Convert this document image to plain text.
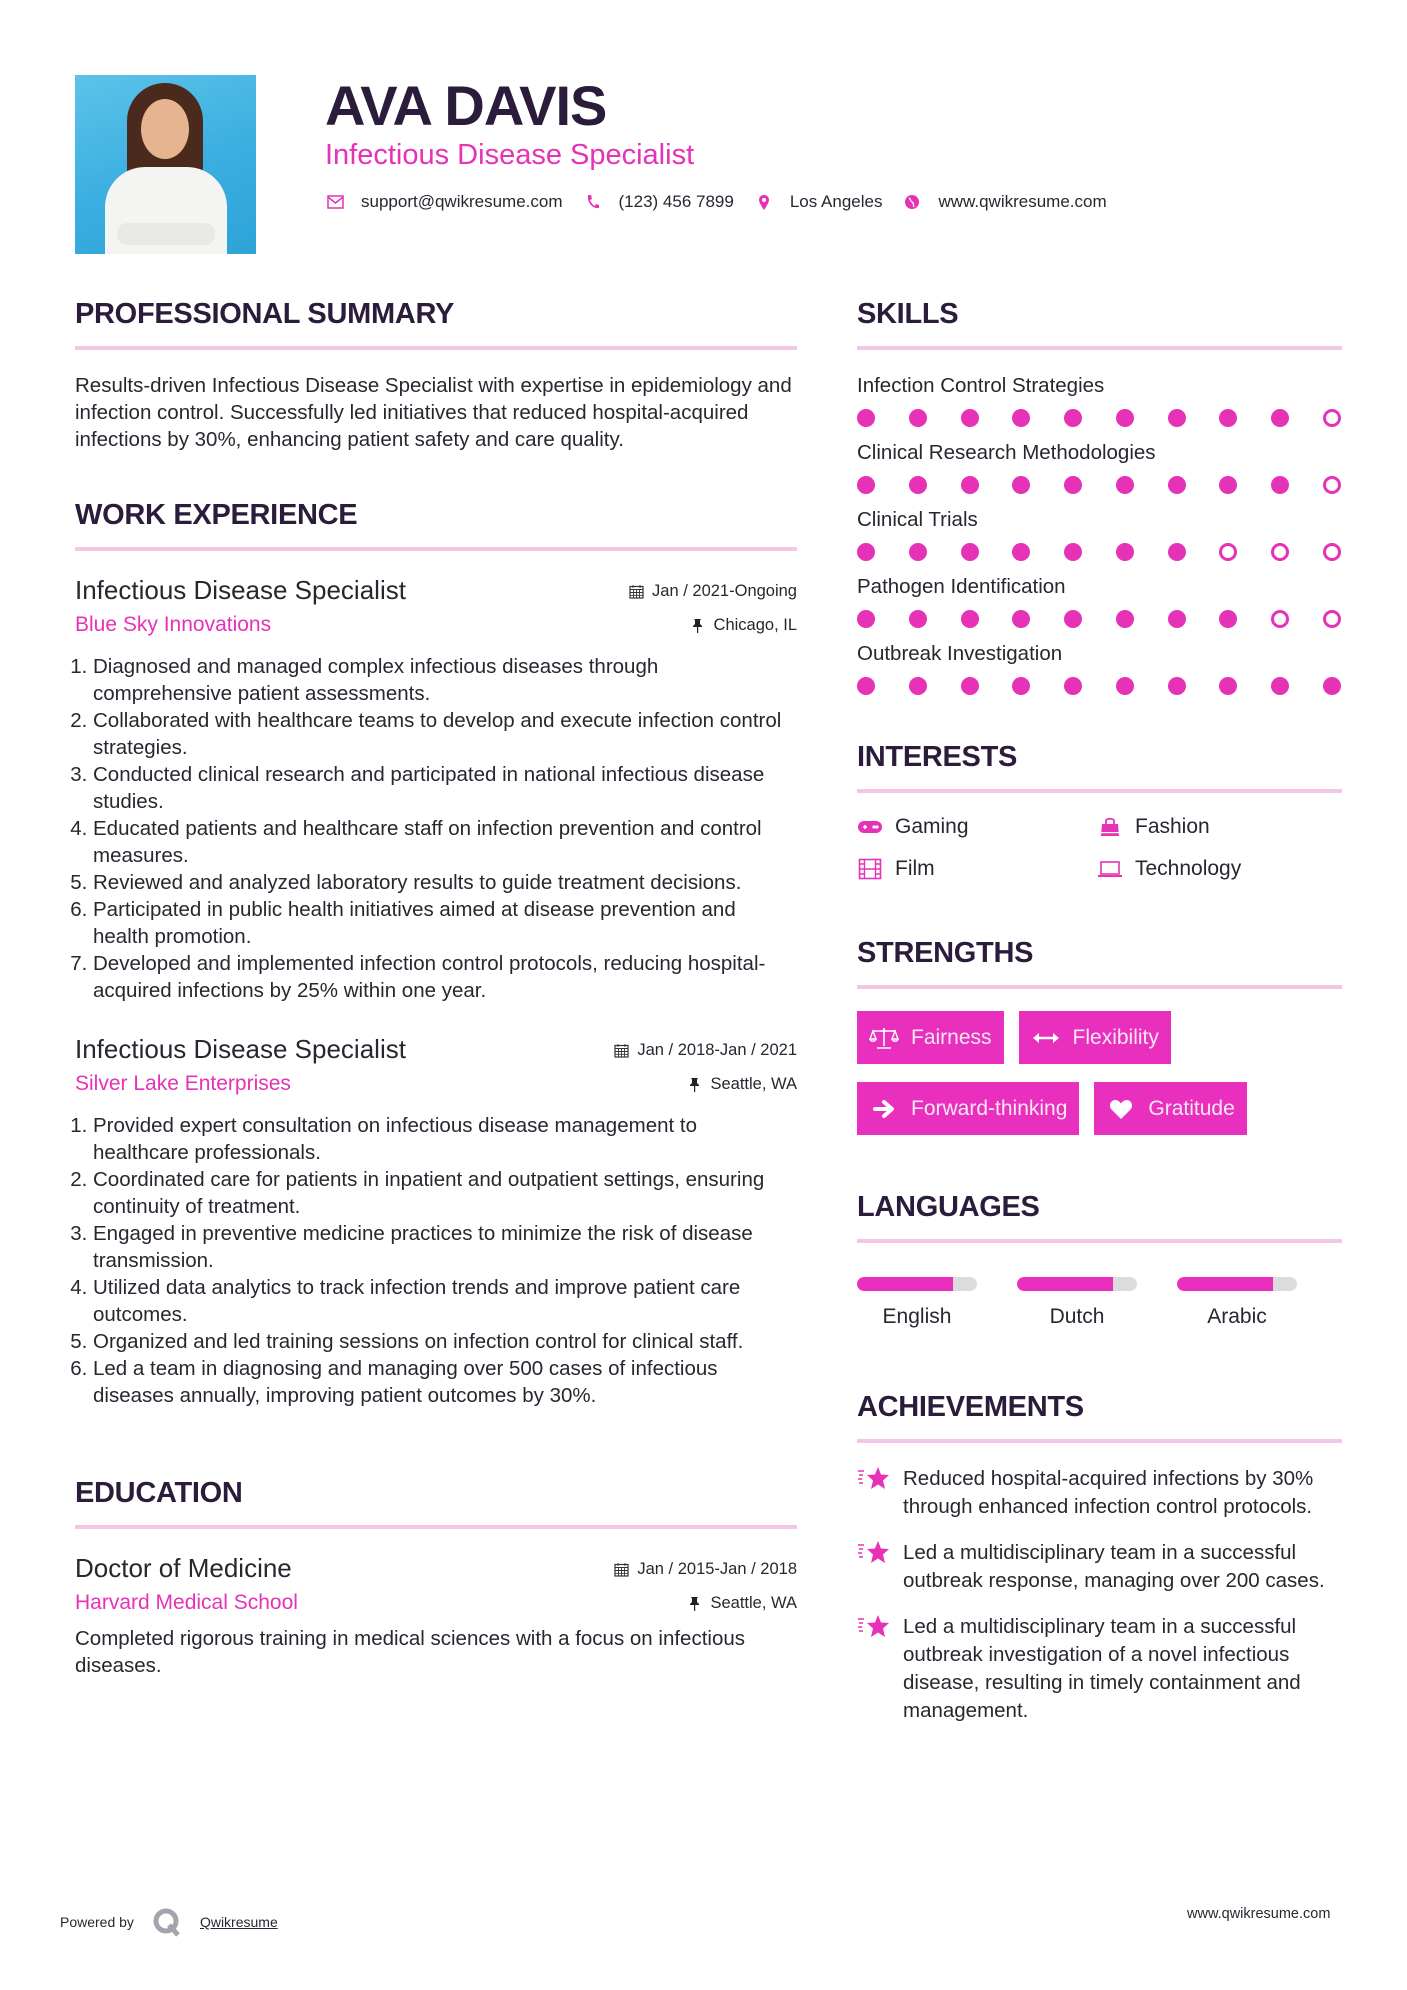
AVA DAVIS
Infectious Disease Specialist
support@qwikresume.com	(123) 456 7899	Los Angeles	www.qwikresume.com
PROFESSIONAL SUMMARY

Results-driven Infectious Disease Specialist with expertise in epidemiology and infection control. Successfully led initiatives that reduced hospital-acquired infections by 30%, enhancing patient safety and care quality.

WORK EXPERIENCE
Infectious Disease Specialist	Jan / 2021-Ongoing
Blue Sky Innovations	Chicago, IL
1. Diagnosed and managed complex infectious diseases through comprehensive patient assessments.
2. Collaborated with healthcare teams to develop and execute infection control strategies.
3. Conducted clinical research and participated in national infectious disease studies.
4. Educated patients and healthcare staff on infection prevention and control measures.
5. Reviewed and analyzed laboratory results to guide treatment decisions.
6. Participated in public health initiatives aimed at disease prevention and health promotion.
7. Developed and implemented infection control protocols, reducing hospital-acquired infections by 25% within one year.
Infectious Disease Specialist	Jan / 2018-Jan / 2021
Silver Lake Enterprises	Seattle, WA
1. Provided expert consultation on infectious disease management to healthcare professionals.
2. Coordinated care for patients in inpatient and outpatient settings, ensuring continuity of treatment.
3. Engaged in preventive medicine practices to minimize the risk of disease transmission.
4. Utilized data analytics to track infection trends and improve patient care outcomes.
5. Organized and led training sessions on infection control for clinical staff.
6. Led a team in diagnosing and managing over 500 cases of infectious diseases annually, improving patient outcomes by 30%.
EDUCATION
Doctor of Medicine	Jan / 2015-Jan / 2018
Harvard Medical School	Seattle, WA

Completed rigorous training in medical sciences with a focus on infectious diseases.

SKILLS
Infection Control Strategies
Clinical Research Methodologies
Clinical Trials
Pathogen Identification
Outbreak Investigation
INTERESTS
Gaming	Fashion
Film	Technology
STRENGTHS
Fairness	Flexibility
Forward-thinking	Gratitude
LANGUAGES
English	Dutch	Arabic
ACHIEVEMENTS
Reduced hospital-acquired infections by 30% through enhanced infection control protocols.
Led a multidisciplinary team in a successful outbreak response, managing over 200 cases.
Led a multidisciplinary team in a successful outbreak investigation of a novel infectious disease, resulting in timely containment and management.
Powered by	Qwikresume	www.qwikresume.com
